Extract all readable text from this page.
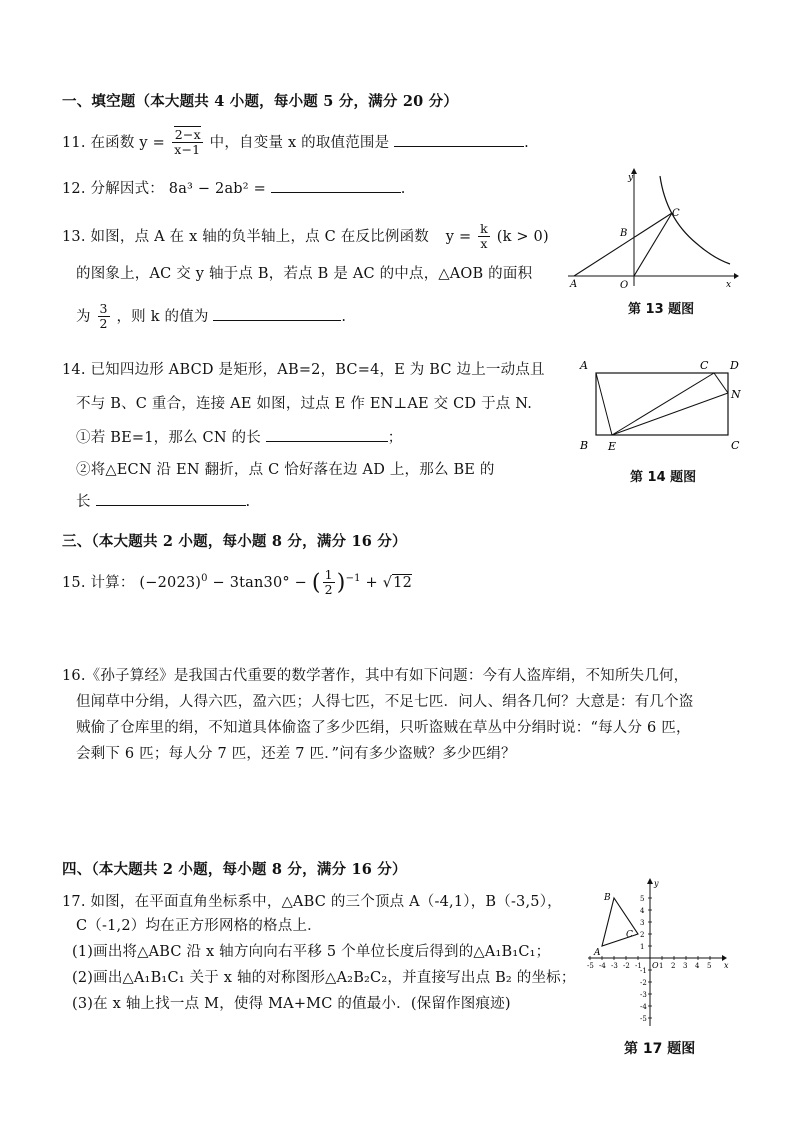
一、填空题（本大题共 4 小题，每小题 5 分，满分 20 分）
11. 在函数 $y = \frac{2-x}{x-1}$ 中，自变量 x 的取值范围是	.
12. 分解因式： 8a³ − 2ab² =	.
13. 如图，点 A 在 x 轴的负半轴上，点 C 在反比例函数 $y = \frac{k}{x} (k > 0)$
的图象上，AC 交 y 轴于点 B，若点 B 是 AC 的中点，△AOB 的面积
为 $\frac{3}{2}$ ，则 k 的值为	.
y
x
A
B
C
O
第 13 题图
14. 已知四边形 ABCD 是矩形，AB=2，BC=4，E 为 BC 边上一动点且
不与 B、C 重合，连接 AE 如图，过点 E 作 EN⊥AE 交 CD 于点 N.
①若 BE=1，那么 CN 的长	；
②将△ECN 沿 EN 翻折，点 C 恰好落在边 AD 上，那么 BE 的
长	.
A	C D
N
B E	C
第 14 题图
三、（本大题共 2 小题，每小题 8 分，满分 16 分）
15. 计算： $(-2023)^0 - 3\tan 30^\circ$ − ( $\frac{1}{2} )^{-1} + √12$
16.《孙子算经》是我国古代重要的数学著作，其中有如下问题：今有人盗库绢，不知所失几何，
但闻草中分绢，人得六匹，盈六匹；人得七匹，不足七匹．问人、绢各几何？大意是：有几个盗
贼偷了仓库里的绢，不知道具体偷盗了多少匹绢，只听盗贼在草丛中分绢时说：“每人分 6 匹，
会剩下 6 匹；每人分 7 匹，还差 7 匹．”问有多少盗贼？多少匹绢？
四、（本大题共 2 小题，每小题 8 分，满分 16 分）
17. 如图，在平面直角坐标系中，△ABC 的三个顶点 A（-4,1），B（-3,5），
C（-1,2）均在正方形网格的格点上．
(1)画出将△ABC 沿 x 轴方向向右平移 5 个单位长度后得到的△A₁B₁C₁；
(2)画出△A₁B₁C₁ 关于 x 轴的对称图形△A₂B₂C₂，并直接写出点 B₂ 的坐标；
(3)在 x 轴上找一点 M，使得 MA+MC 的值最小．(保留作图痕迹)
-5 -4 -3 -2 -1 1 2 3 4 5
5
4
3
2
1
-1
-2
-3
-4
-5
A
B
C
O	x
y
第 17 题图
